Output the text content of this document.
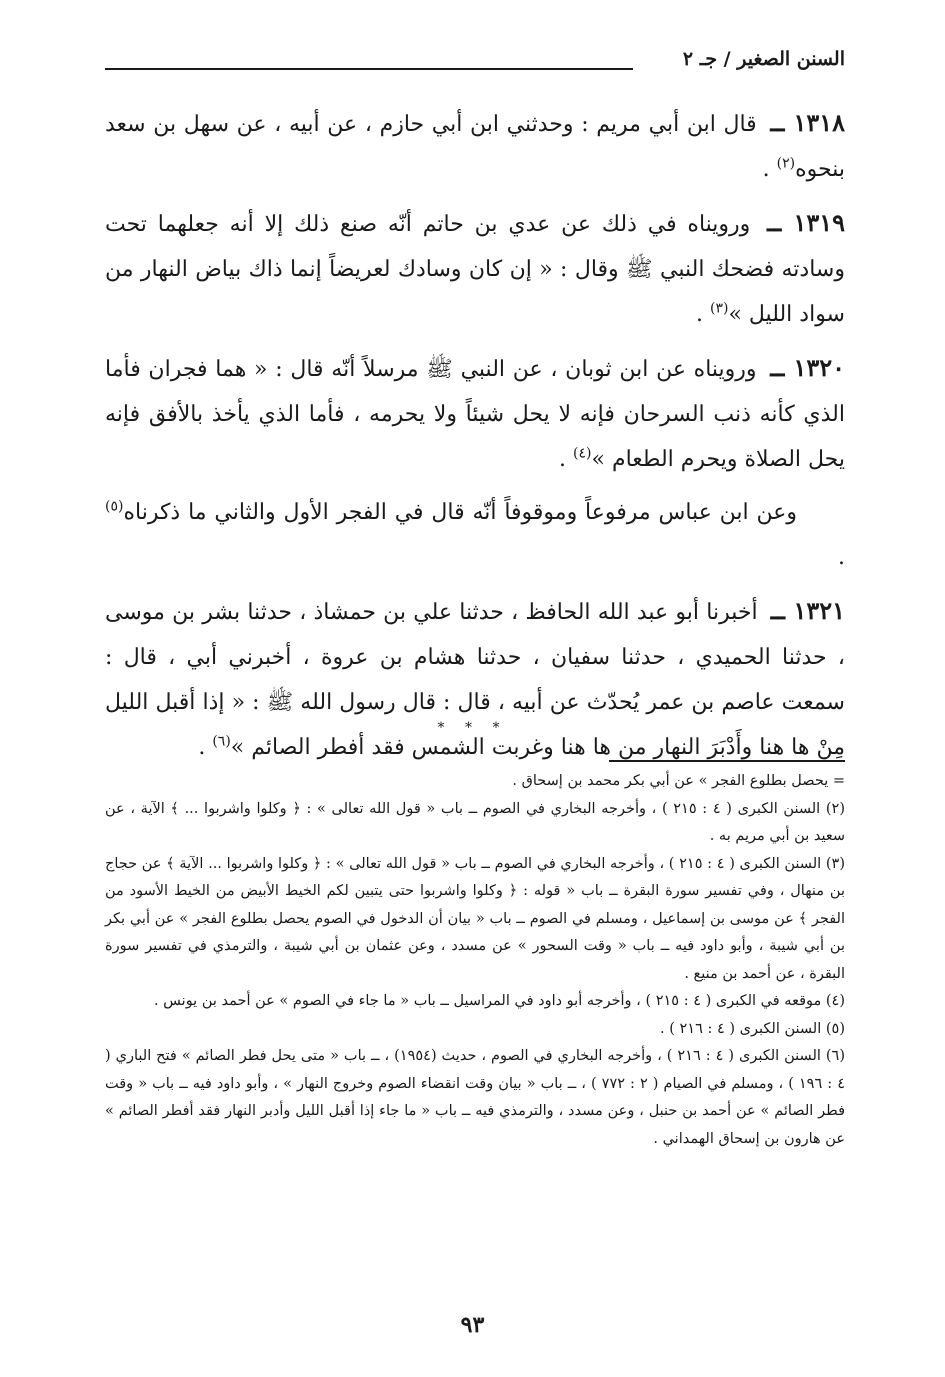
السنن الصغير / جـ ٢

١٣١٨ ــ قال ابن أبي مريم : وحدثني ابن أبي حازم ، عن أبيه ، عن سهل بن سعد بنحوه$^{(٢)}$ .

١٣١٩ ــ ورويناه في ذلك عن عدي بن حاتم أنّه صنع ذلك إلا أنه جعلهما تحت وسادته فضحك النبي ﷺ وقال : « إن كان وسادك لعريضاً إنما ذاك بياض النهار من سواد الليل »$^{(٣)}$ .

١٣٢٠ ــ ورويناه عن ابن ثوبان ، عن النبي ﷺ مرسلاً أنّه قال : « هما فجران فأما الذي كأنه ذنب السرحان فإنه لا يحل شيئاً ولا يحرمه ، فأما الذي يأخذ بالأفق فإنه يحل الصلاة ويحرم الطعام »$^{(٤)}$ .

وعن ابن عباس مرفوعاً وموقوفاً أنّه قال في الفجر الأول والثاني ما ذكرناه$^{(٥)}$ .

١٣٢١ ــ أخبرنا أبو عبد الله الحافظ ، حدثنا علي بن حمشاذ ، حدثنا بشر بن موسى ، حدثنا الحميدي ، حدثنا سفيان ، حدثنا هشام بن عروة ، أخبرني أبي ، قال : سمعت عاصم بن عمر يُحدّث عن أبيه ، قال : قال رسول الله ﷺ : « إذا أقبل الليل مِنْ ها هنا وأَدْبَرَ النهار من ها هنا وغربت الشمس فقد أفطر الصائم »$^{(٦)}$ .

* * *

= يحصل بطلوع الفجر » عن أبي بكر محمد بن إسحاق .

(٢) السنن الكبرى ( ٤ : ٢١٥ ) ، وأخرجه البخاري في الصوم ــ باب « قول الله تعالى » : ﴿ وكلوا واشربوا ... ﴾ الآية ، عن سعيد بن أبي مريم به .

(٣) السنن الكبرى ( ٤ : ٢١٥ ) ، وأخرجه البخاري في الصوم ــ باب « قول الله تعالى » : ﴿ وكلوا واشربوا ... الآية ﴾ عن حجاج بن منهال ، وفي تفسير سورة البقرة ــ باب « قوله : ﴿ وكلوا واشربوا حتى يتبين لكم الخيط الأبيض من الخيط الأسود من الفجر ﴾ عن موسى بن إسماعيل ، ومسلم في الصوم ــ باب « بيان أن الدخول في الصوم يحصل بطلوع الفجر » عن أبي بكر بن أبي شيبة ، وأبو داود فيه ــ باب « وقت السحور » عن مسدد ، وعن عثمان بن أبي شيبة ، والترمذي في تفسير سورة البقرة ، عن أحمد بن منيع .

(٤) موقعه في الكبرى ( ٤ : ٢١٥ ) ، وأخرجه أبو داود في المراسيل ــ باب « ما جاء في الصوم » عن أحمد بن يونس .

(٥) السنن الكبرى ( ٤ : ٢١٦ ) .

(٦) السنن الكبرى ( ٤ : ٢١٦ ) ، وأخرجه البخاري في الصوم ، حديث (١٩٥٤) ، ــ باب « متى يحل فطر الصائم » فتح الباري ( ٤ : ١٩٦ ) ، ومسلم في الصيام ( ٢ : ٧٧٢ ) ، ــ باب « بيان وقت انقضاء الصوم وخروج النهار » ، وأبو داود فيه ــ باب « وقت فطر الصائم » عن أحمد بن حنبل ، وعن مسدد ، والترمذي فيه ــ باب « ما جاء إذا أقبل الليل وأدبر النهار فقد أفطر الصائم » عن هارون بن إسحاق الهمداني .

٩٣
